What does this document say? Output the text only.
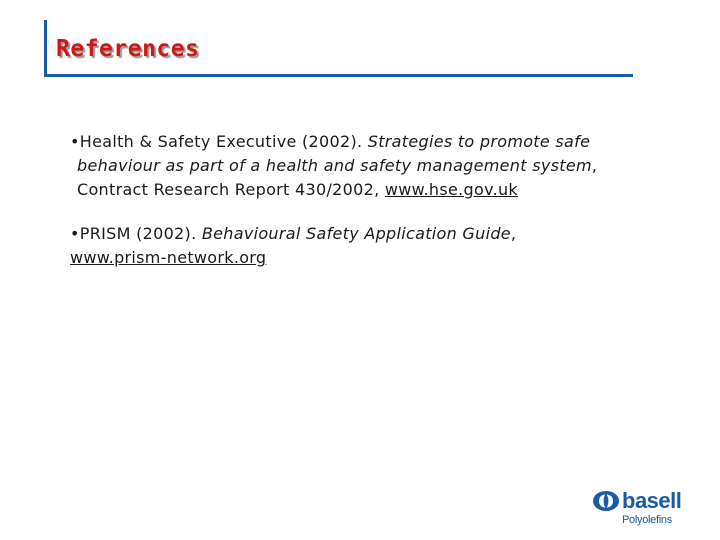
References
•Health & Safety Executive (2002). Strategies to promote safe
behaviour as part of a health and safety management system,
Contract Research Report 430/2002, www.hse.gov.uk
•PRISM (2002). Behavioural Safety Application Guide,
www.prism-network.org
basell
Polyolefins
